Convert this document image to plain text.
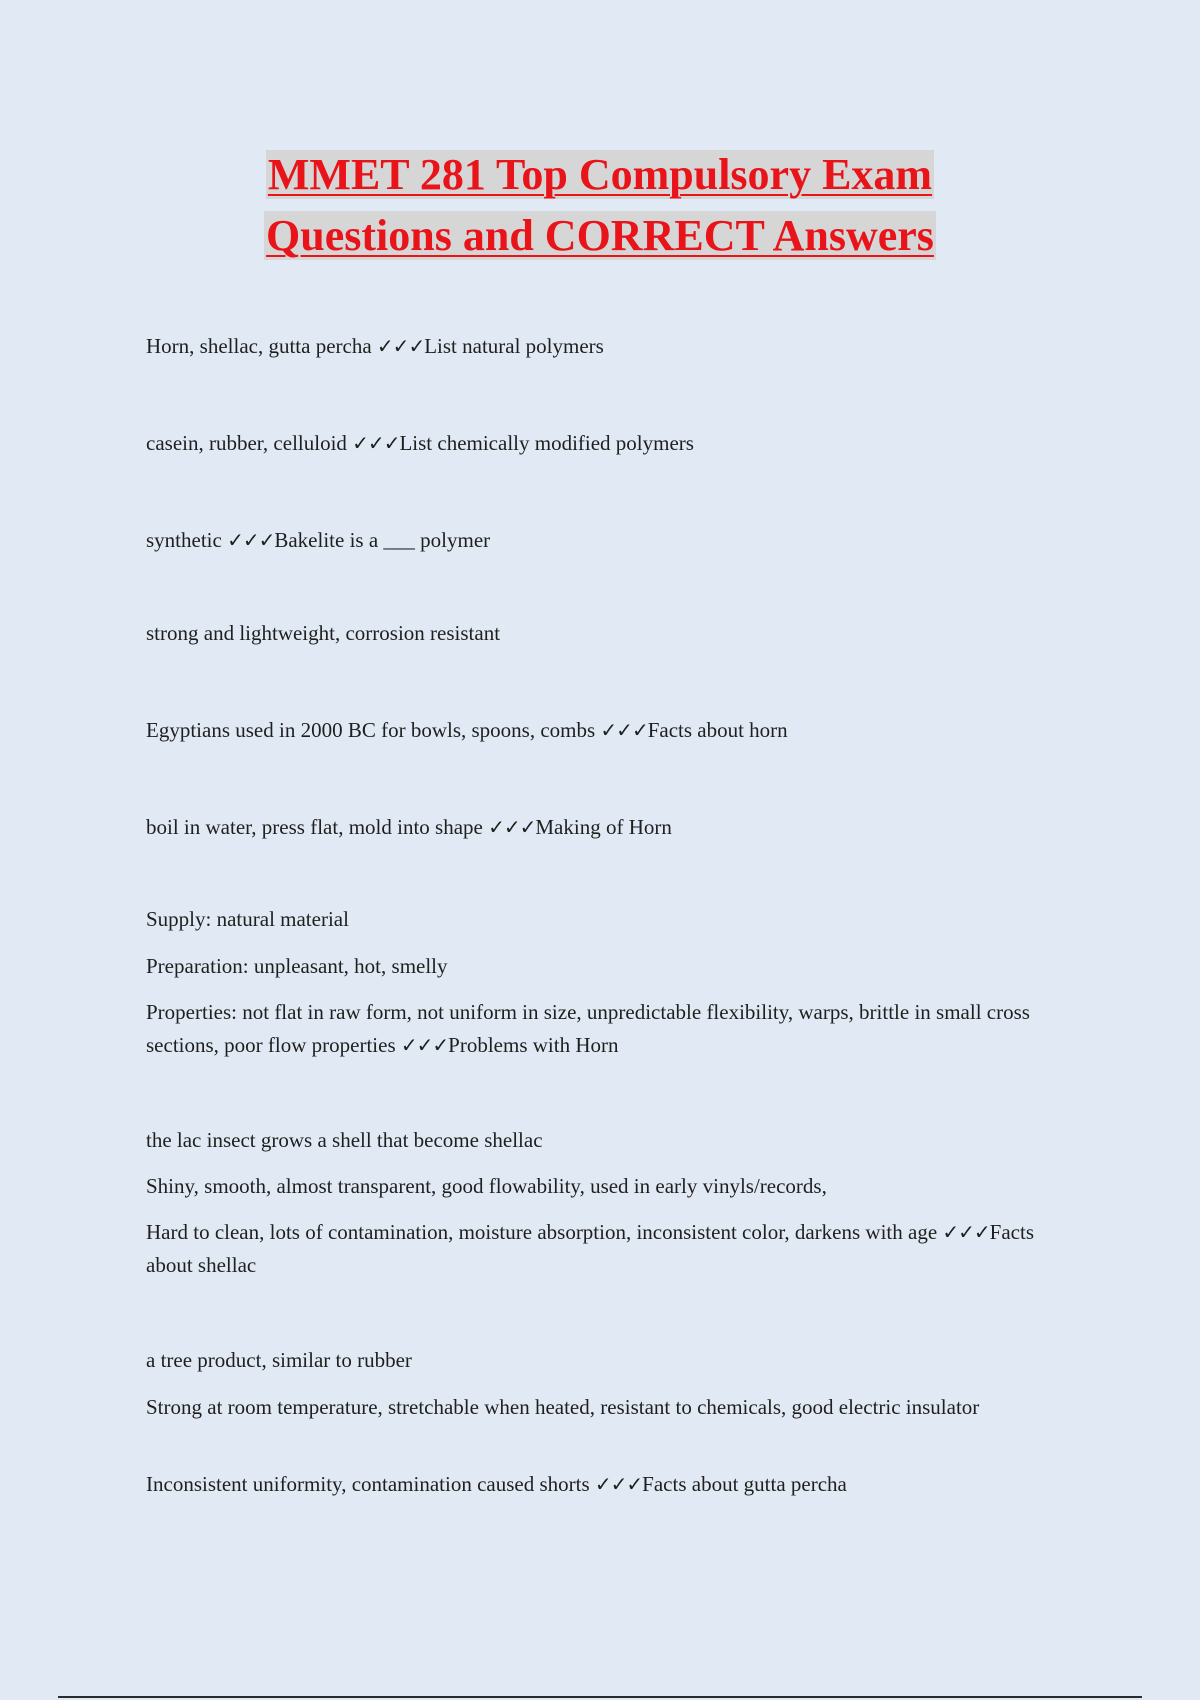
MMET 281 Top Compulsory Exam
Questions and CORRECT Answers
Horn, shellac, gutta percha ✓✓✓List natural polymers
casein, rubber, celluloid ✓✓✓List chemically modified polymers
synthetic ✓✓✓Bakelite is a ___ polymer
strong and lightweight, corrosion resistant
Egyptians used in 2000 BC for bowls, spoons, combs ✓✓✓Facts about horn
boil in water, press flat, mold into shape ✓✓✓Making of Horn
Supply: natural material
Preparation: unpleasant, hot, smelly
Properties: not flat in raw form, not uniform in size, unpredictable flexibility, warps, brittle in small cross sections, poor flow properties ✓✓✓Problems with Horn
the lac insect grows a shell that become shellac
Shiny, smooth, almost transparent, good flowability, used in early vinyls/records,
Hard to clean, lots of contamination, moisture absorption, inconsistent color, darkens with age ✓✓✓Facts about shellac
a tree product, similar to rubber
Strong at room temperature, stretchable when heated, resistant to chemicals, good electric insulator
Inconsistent uniformity, contamination caused shorts ✓✓✓Facts about gutta percha
